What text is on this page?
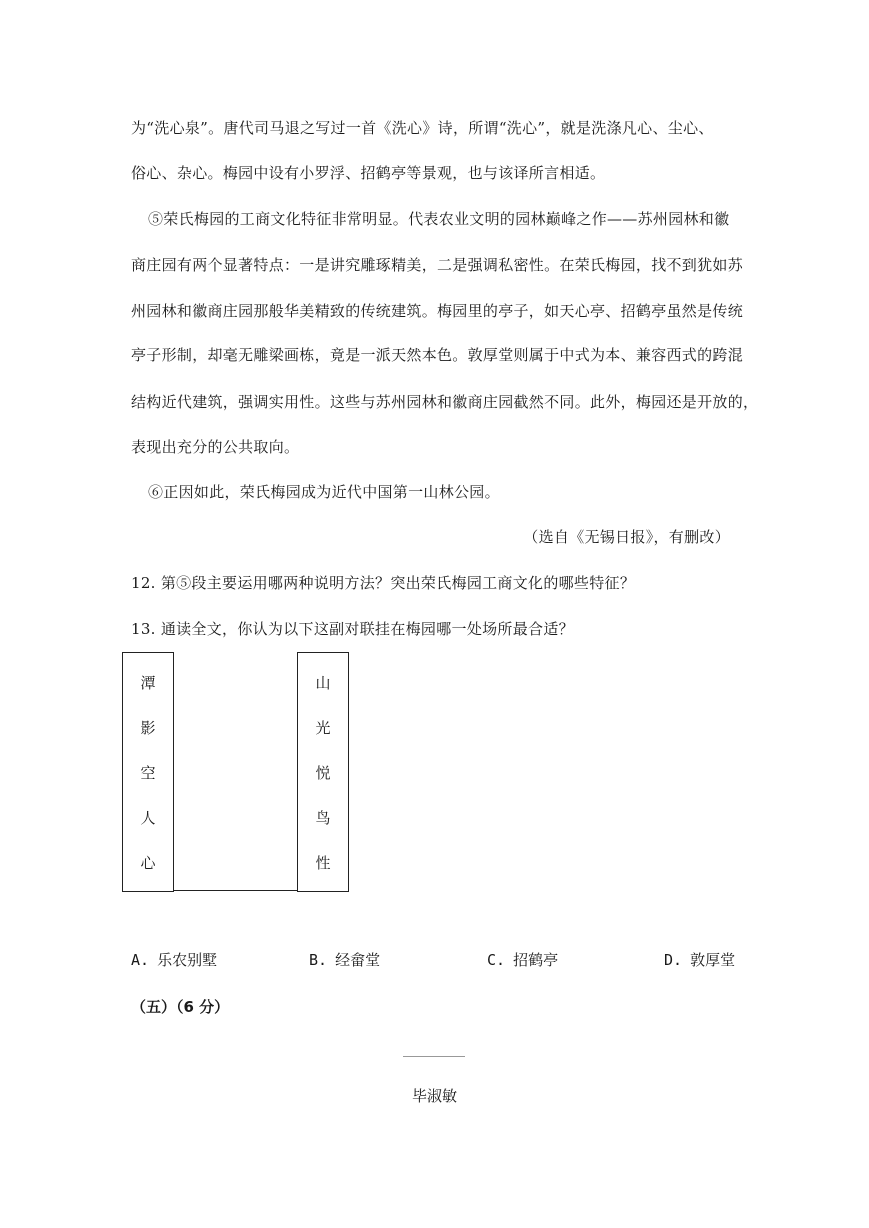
为“洗心泉”。唐代司马退之写过一首《洗心》诗，所谓“洗心”，就是洗涤凡心、尘心、
俗心、杂心。梅园中设有小罗浮、招鹤亭等景观，也与该译所言相适。
⑤荣氏梅园的工商文化特征非常明显。代表农业文明的园林巅峰之作——苏州园林和徽
商庄园有两个显著特点：一是讲究雕琢精美，二是强调私密性。在荣氏梅园，找不到犹如苏
州园林和徽商庄园那般华美精致的传统建筑。梅园里的亭子，如天心亭、招鹤亭虽然是传统
亭子形制，却毫无雕梁画栋，竟是一派天然本色。敦厚堂则属于中式为本、兼容西式的跨混
结构近代建筑，强调实用性。这些与苏州园林和徽商庄园截然不同。此外，梅园还是开放的，
表现出充分的公共取向。
⑥正因如此，荣氏梅园成为近代中国第一山林公园。
（选自《无锡日报》，有删改）
12. 第⑤段主要运用哪两种说明方法？突出荣氏梅园工商文化的哪些特征？
13. 通读全文，你认为以下这副对联挂在梅园哪一处场所最合适？
潭
影
空
人
心
山
光
悦
鸟
性
A. 乐农别墅	B. 经畲堂	C. 招鹤亭	D. 敦厚堂
（五）（6 分）
毕淑敏
